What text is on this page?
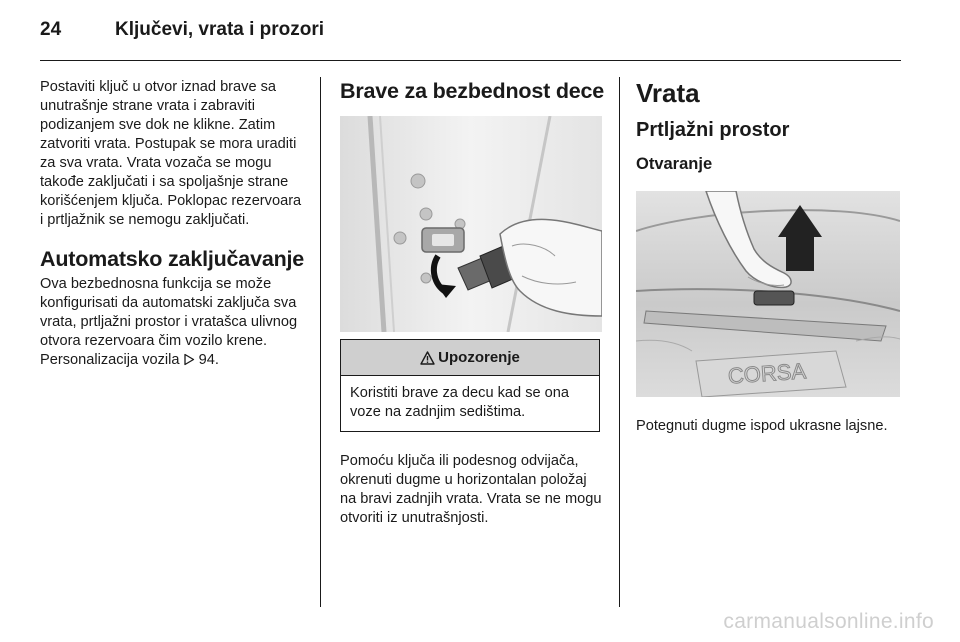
24	Ključevi, vrata i prozori

Postaviti ključ u otvor iznad brave sa unutrašnje strane vrata i zabraviti podizanjem sve dok ne klikne. Zatim zatvoriti vrata. Postupak se mora uraditi za sva vrata. Vrata vozača se mogu takođe zaključati i sa spoljašnje strane korišćenjem ključa. Poklopac rezervoara i prtljažnik se nemogu zaključati.

Automatsko zaključavanje

Ova bezbednosna funkcija se može konfigurisati da automatski zaključa sva vrata, prtljažni prostor i vratašca ulivnog otvora rezervoara čim vozilo krene. Personalizacija vozila 94.

Brave za bezbednost dece
Upozorenje

Koristiti brave za decu kad se ona voze na zadnjim sedištima.

Pomoću ključa ili podesnog odvijača, okrenuti dugme u horizontalan položaj na bravi zadnjih vrata. Vrata se ne mogu otvoriti iz unutrašnjosti.

Vrata
Prtljažni prostor
Otvaranje
CORSA

Potegnuti dugme ispod ukrasne lajsne.

carmanualsonline.info
